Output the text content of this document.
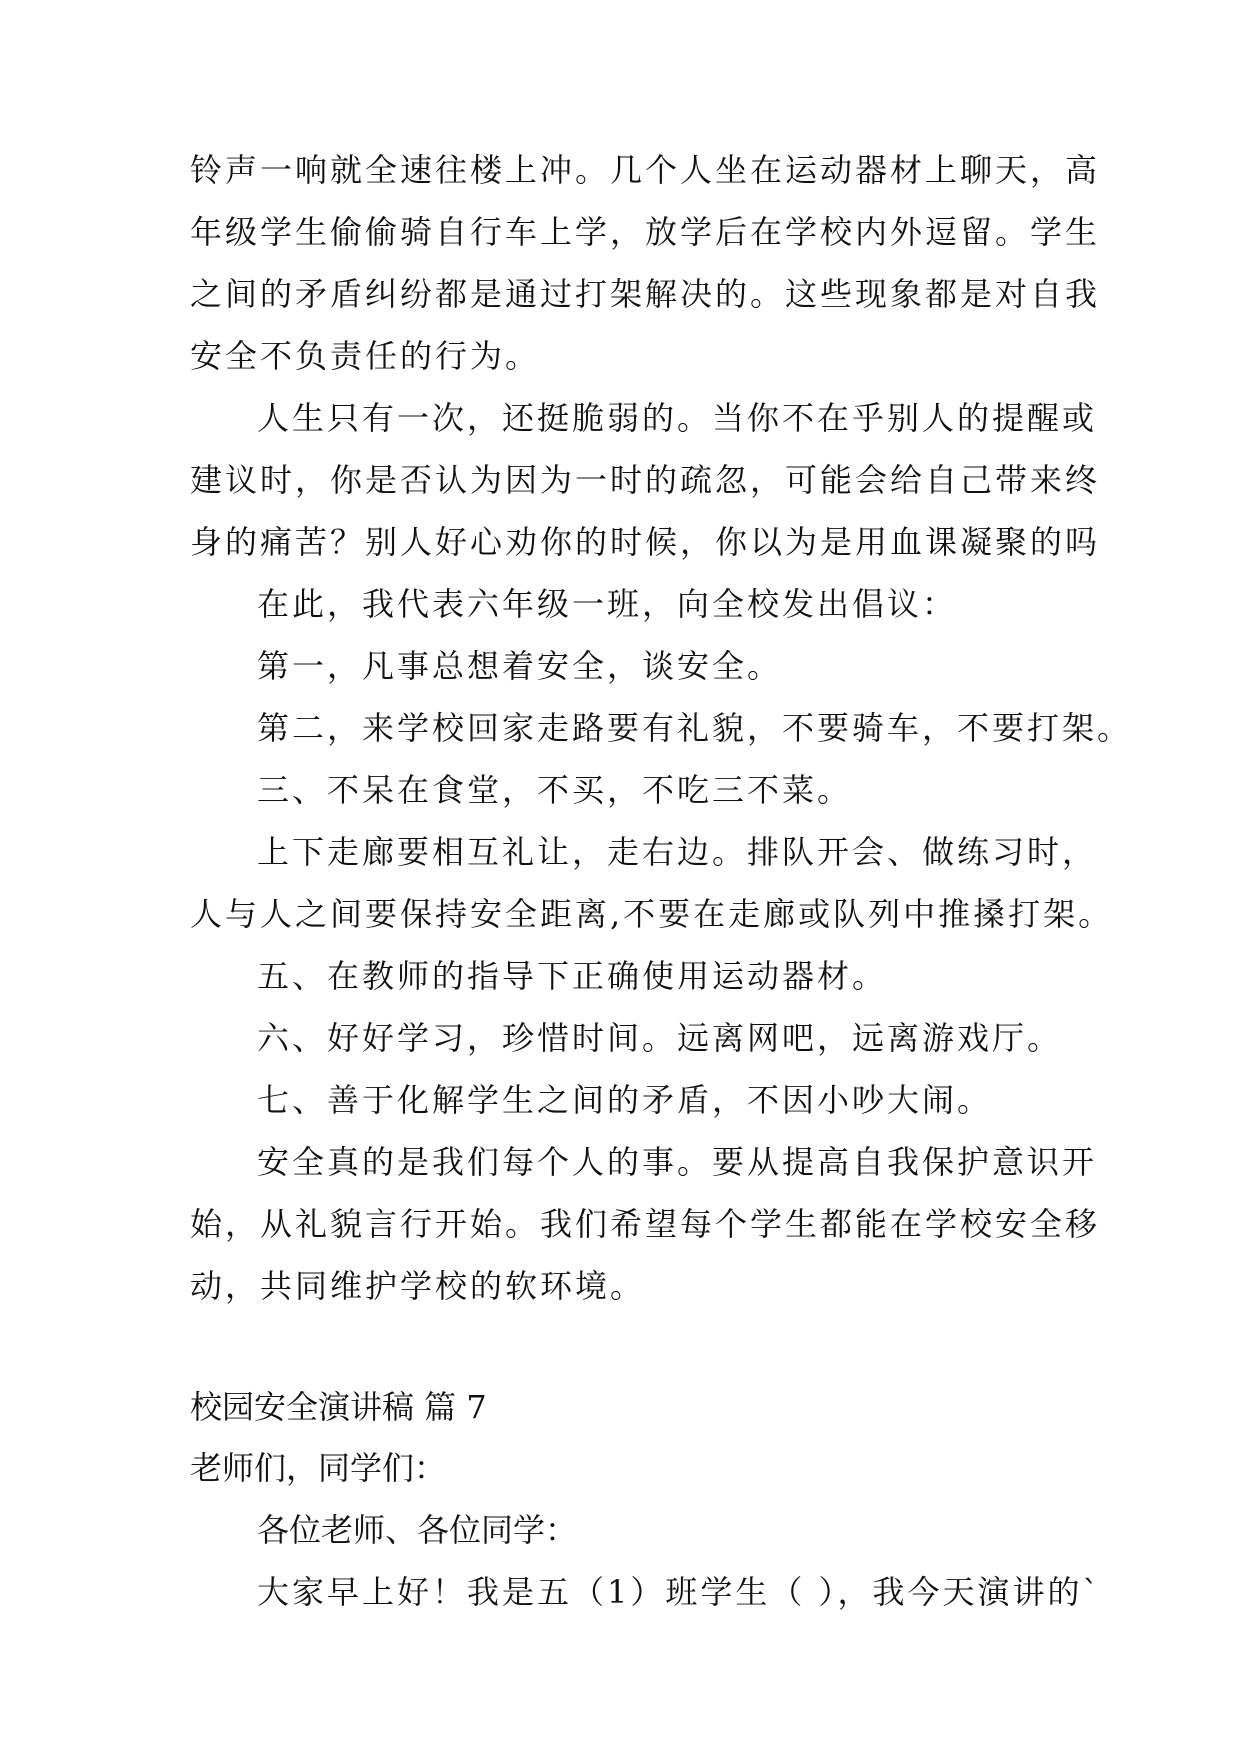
铃声一响就全速往楼上冲。几个人坐在运动器材上聊天，高
年级学生偷偷骑自行车上学，放学后在学校内外逗留。学生
之间的矛盾纠纷都是通过打架解决的。这些现象都是对自我
安全不负责任的行为。
人生只有一次，还挺脆弱的。当你不在乎别人的提醒或
建议时，你是否认为因为一时的疏忽，可能会给自己带来终
身的痛苦？别人好心劝你的时候，你以为是用血课凝聚的吗
在此，我代表六年级一班，向全校发出倡议：
第一，凡事总想着安全，谈安全。
第二，来学校回家走路要有礼貌，不要骑车，不要打架。
三、不呆在食堂，不买，不吃三不菜。
上下走廊要相互礼让，走右边。排队开会、做练习时，
人与人之间要保持安全距离,不要在走廊或队列中推搡打架。
五、在教师的指导下正确使用运动器材。
六、好好学习，珍惜时间。远离网吧，远离游戏厅。
七、善于化解学生之间的矛盾，不因小吵大闹。
安全真的是我们每个人的事。要从提高自我保护意识开
始，从礼貌言行开始。我们希望每个学生都能在学校安全移
动，共同维护学校的软环境。
校园安全演讲稿 篇 7
老师们，同学们：
各位老师、各位同学：
大家早上好！我是五（1）班学生（ ），我今天演讲的`
